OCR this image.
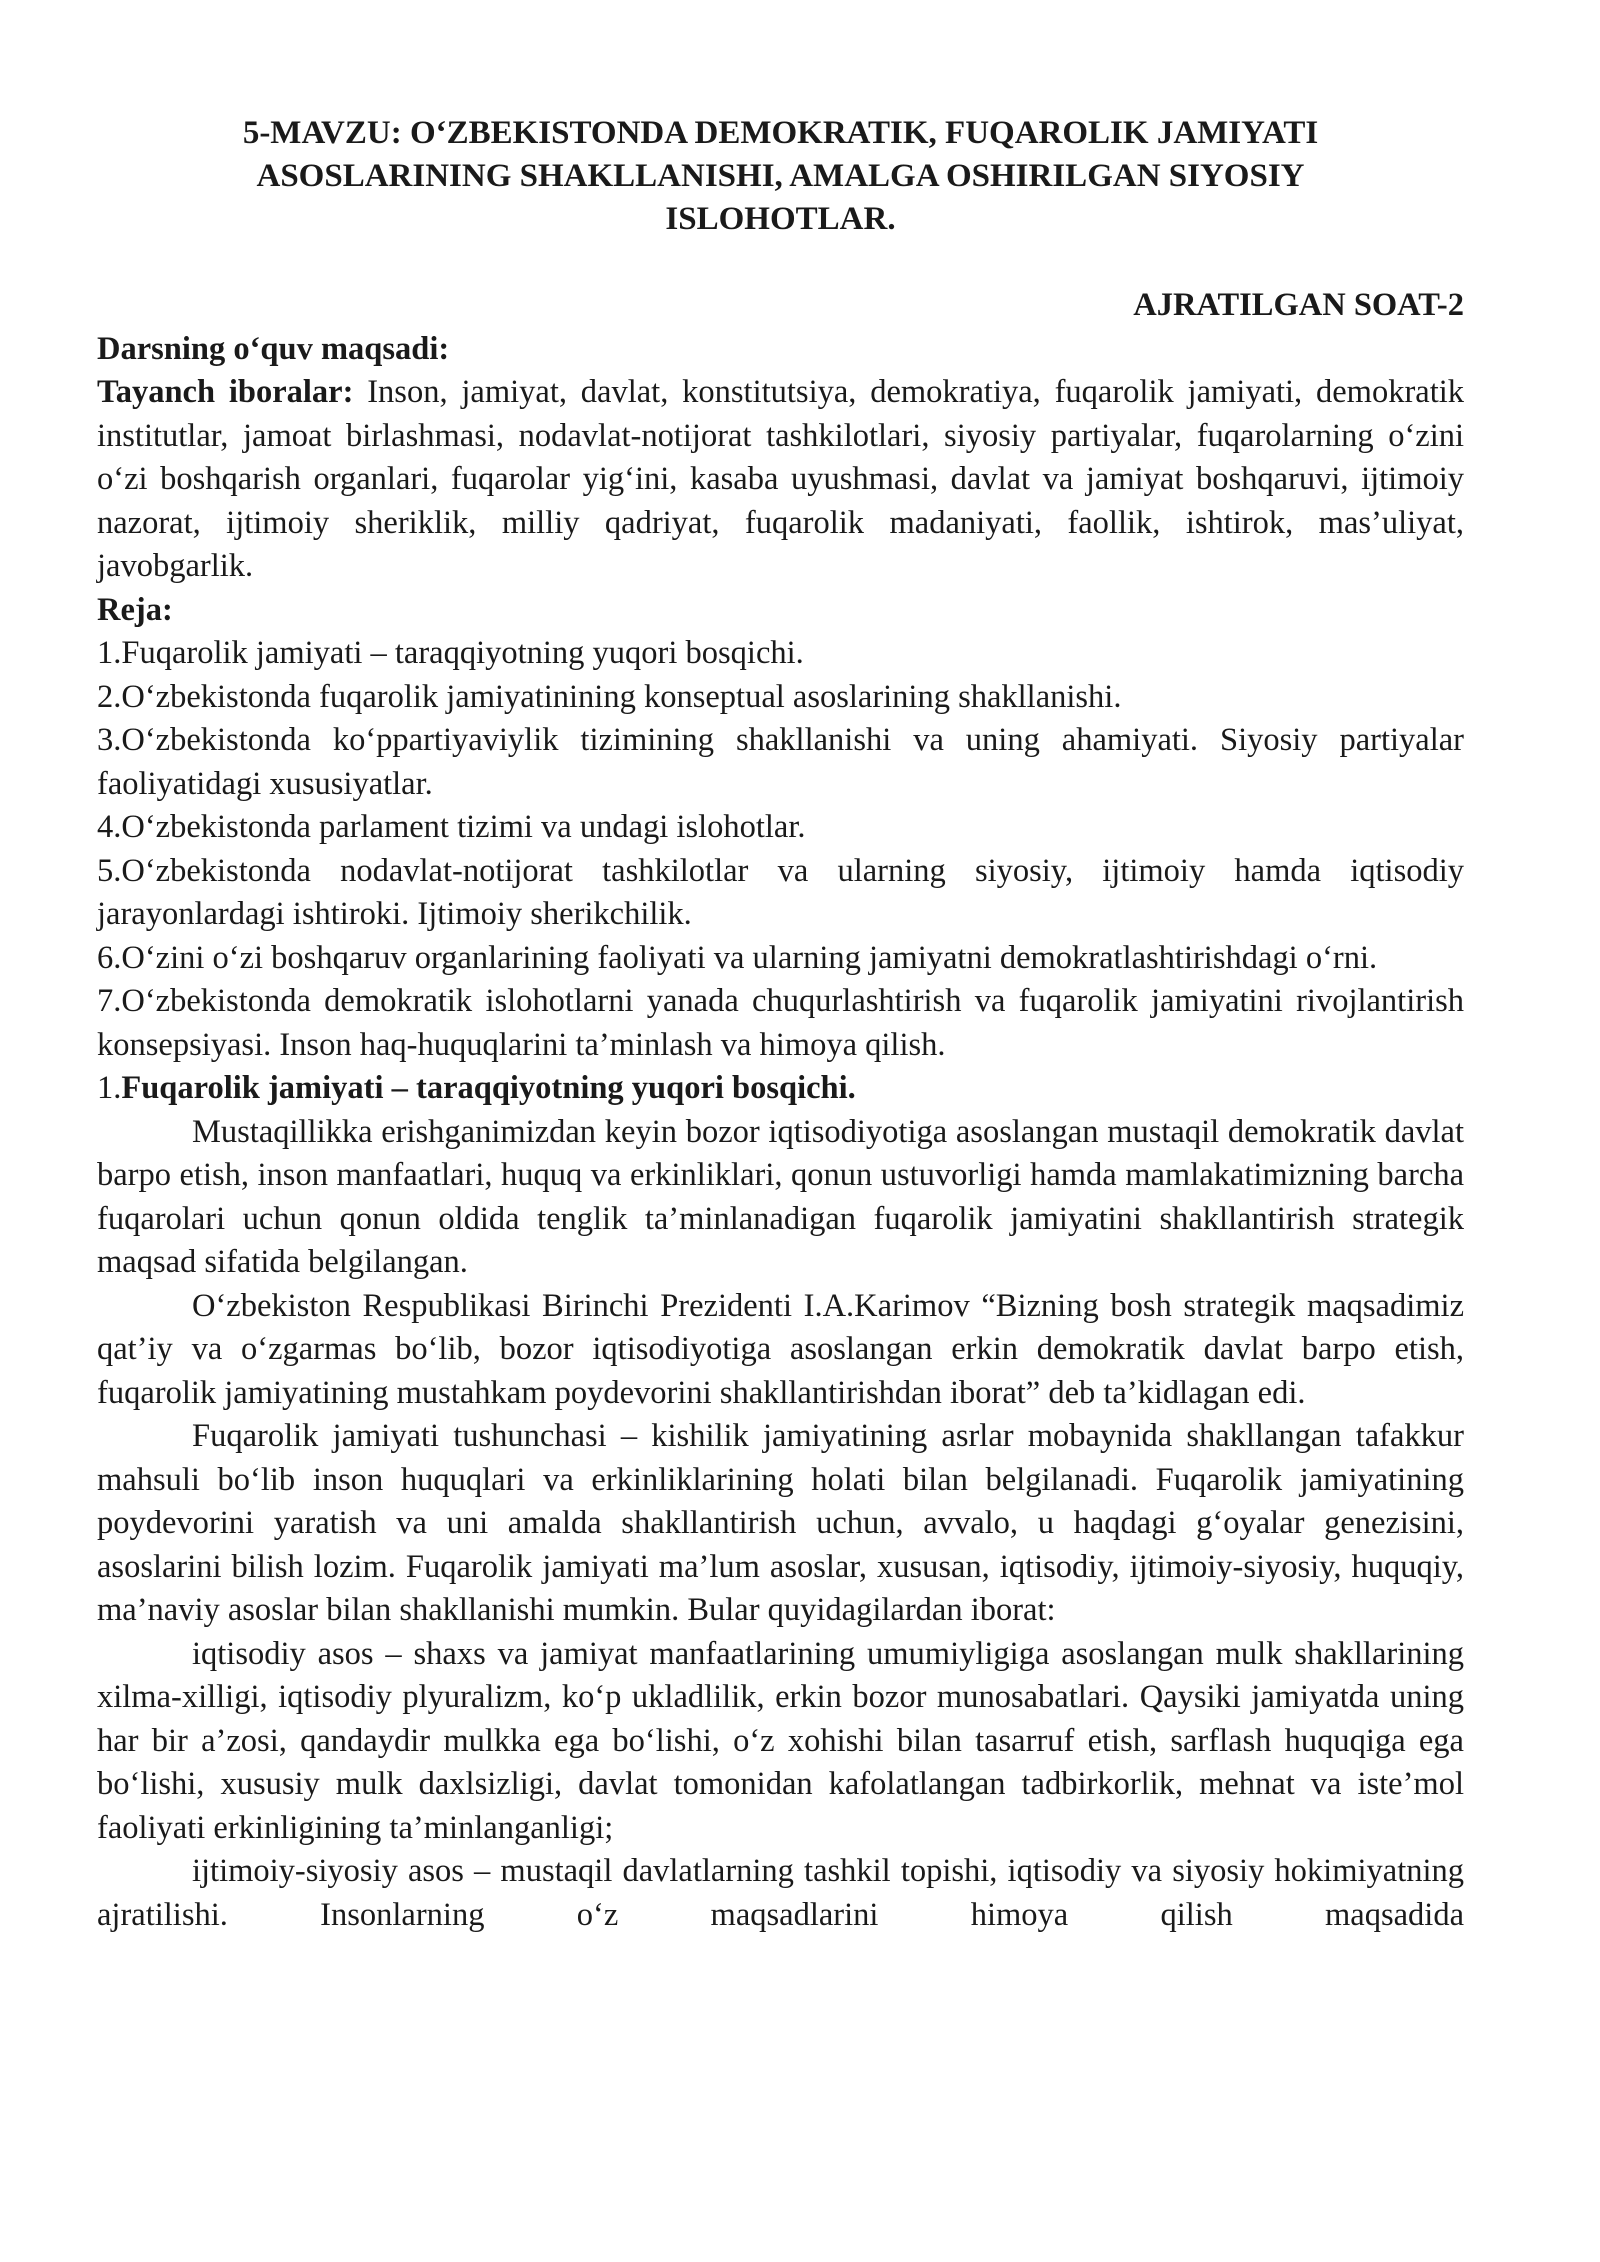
5-MAVZU: O‘ZBEKISTONDA DEMOKRATIK, FUQAROLIK JAMIYATI ASOSLARINING SHAKLLANISHI, AMALGA OSHIRILGAN SIYOSIY ISLOHOTLAR.
AJRATILGAN SOAT-2

Darsning o‘quv maqsadi:

Tayanch iboralar: Inson, jamiyat, davlat, konstitutsiya, demokratiya, fuqarolik jamiyati, demokratik institutlar, jamoat birlashmasi, nodavlat-notijorat tashkilotlari, siyosiy partiyalar, fuqarolarning o‘zini o‘zi boshqarish organlari, fuqarolar yig‘ini, kasaba uyushmasi, davlat va jamiyat boshqaruvi, ijtimoiy nazorat, ijtimoiy sheriklik, milliy qadriyat, fuqarolik madaniyati, faollik, ishtirok, mas’uliyat, javobgarlik.

Reja:

1.Fuqarolik jamiyati – taraqqiyotning yuqori bosqichi.

2.O‘zbekistonda fuqarolik jamiyatinining konseptual asoslarining shakllanishi.

3.O‘zbekistonda ko‘ppartiyaviylik tizimining shakllanishi va uning ahamiyati. Siyosiy partiyalar faoliyatidagi xususiyatlar.

4.O‘zbekistonda parlament tizimi va undagi islohotlar.

5.O‘zbekistonda nodavlat-notijorat tashkilotlar va ularning siyosiy, ijtimoiy hamda iqtisodiy jarayonlardagi ishtiroki. Ijtimoiy sherikchilik.

6.O‘zini o‘zi boshqaruv organlarining faoliyati va ularning jamiyatni demokratlashtirishdagi o‘rni.

7.O‘zbekistonda demokratik islohotlarni yanada chuqurlashtirish va fuqarolik jamiyatini rivojlantirish konsepsiyasi. Inson haq-huquqlarini ta’minlash va himoya qilish.

1.Fuqarolik jamiyati – taraqqiyotning yuqori bosqichi.

Mustaqillikka erishganimizdan keyin bozor iqtisodiyotiga asoslangan mustaqil demokratik davlat barpo etish, inson manfaatlari, huquq va erkinliklari, qonun ustuvorligi hamda mamlakatimizning barcha fuqarolari uchun qonun oldida tenglik ta’minlanadigan fuqarolik jamiyatini shakllantirish strategik maqsad sifatida belgilangan.

O‘zbekiston Respublikasi Birinchi Prezidenti I.A.Karimov “Bizning bosh strategik maqsadimiz qat’iy va o‘zgarmas bo‘lib, bozor iqtisodiyotiga asoslangan erkin demokratik davlat barpo etish, fuqarolik jamiyatining mustahkam poydevorini shakllantirishdan iborat” deb ta’kidlagan edi.

Fuqarolik jamiyati tushunchasi – kishilik jamiyatining asrlar mobaynida shakllangan tafakkur mahsuli bo‘lib inson huquqlari va erkinliklarining holati bilan belgilanadi. Fuqarolik jamiyatining poydevorini yaratish va uni amalda shakllantirish uchun, avvalo, u haqdagi g‘oyalar genezisini, asoslarini bilish lozim. Fuqarolik jamiyati ma’lum asoslar, xususan, iqtisodiy, ijtimoiy-siyosiy, huquqiy, ma’naviy asoslar bilan shakllanishi mumkin. Bular quyidagilardan iborat:

iqtisodiy asos – shaxs va jamiyat manfaatlarining umumiyligiga asoslangan mulk shakllarining xilma-xilligi, iqtisodiy plyuralizm, ko‘p ukladlilik, erkin bozor munosabatlari. Qaysiki jamiyatda uning har bir a’zosi, qandaydir mulkka ega bo‘lishi, o‘z xohishi bilan tasarruf etish, sarflash huquqiga ega bo‘lishi, xususiy mulk daxlsizligi, davlat tomonidan kafolatlangan tadbirkorlik, mehnat va iste’mol faoliyati erkinligining ta’minlanganligi;

ijtimoiy-siyosiy asos – mustaqil davlatlarning tashkil topishi, iqtisodiy va siyosiy hokimiyatning ajratilishi. Insonlarning o‘z maqsadlarini himoya qilish maqsadida
